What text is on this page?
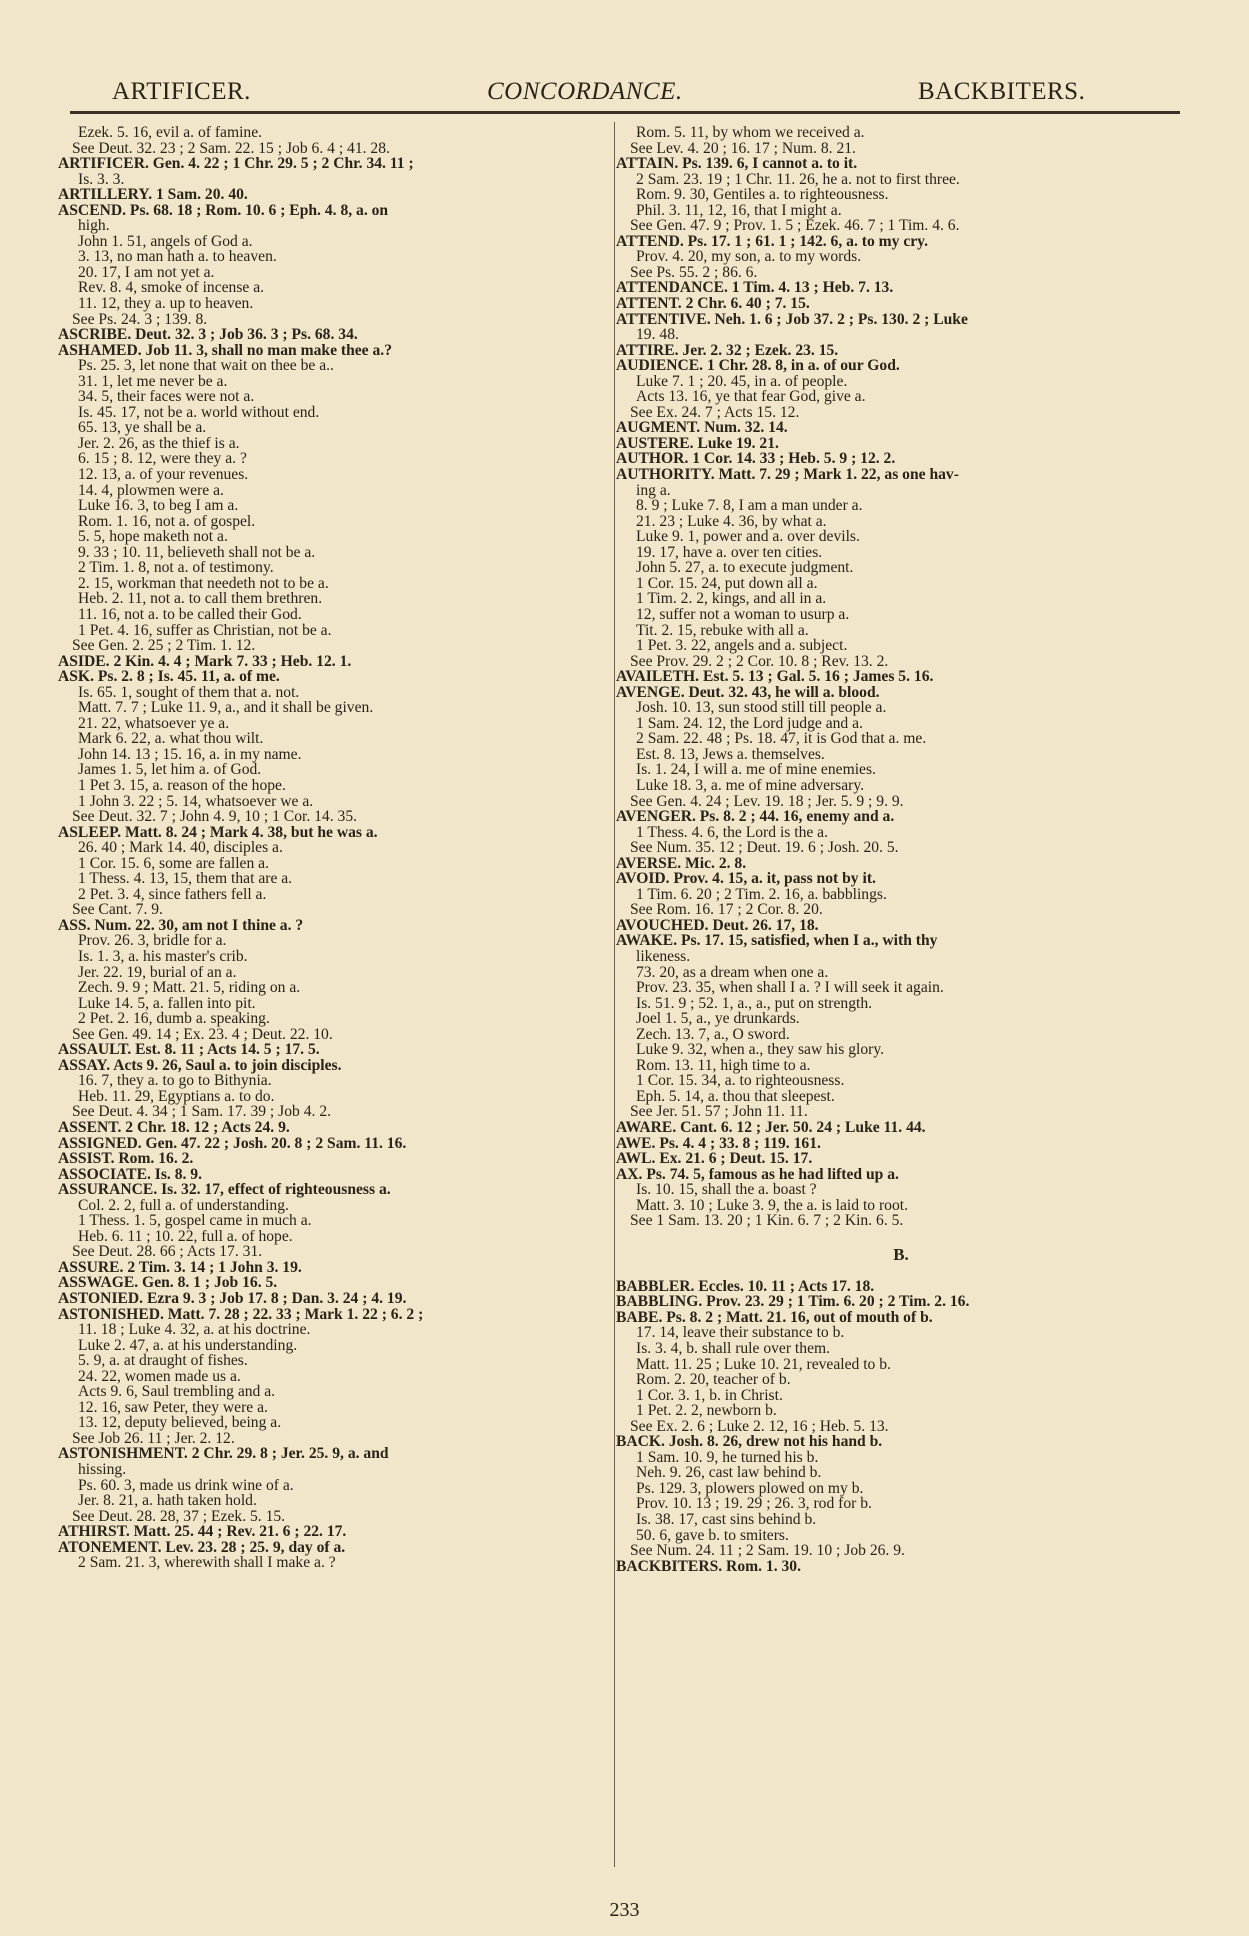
ARTIFICER.	CONCORDANCE.	BACKBITERS.
Ezek. 5. 16, evil a. of famine.
See Deut. 32. 23 ; 2 Sam. 22. 15 ; Job 6. 4 ; 41. 28.
ARTIFICER. Gen. 4. 22 ; 1 Chr. 29. 5 ; 2 Chr. 34. 11 ;
Is. 3. 3.
ARTILLERY. 1 Sam. 20. 40.
ASCEND. Ps. 68. 18 ; Rom. 10. 6 ; Eph. 4. 8, a. on
high.
John 1. 51, angels of God a.
3. 13, no man hath a. to heaven.
20. 17, I am not yet a.
Rev. 8. 4, smoke of incense a.
11. 12, they a. up to heaven.
See Ps. 24. 3 ; 139. 8.
ASCRIBE. Deut. 32. 3 ; Job 36. 3 ; Ps. 68. 34.
ASHAMED. Job 11. 3, shall no man make thee a.?
Ps. 25. 3, let none that wait on thee be a..
31. 1, let me never be a.
34. 5, their faces were not a.
Is. 45. 17, not be a. world without end.
65. 13, ye shall be a.
Jer. 2. 26, as the thief is a.
6. 15 ; 8. 12, were they a. ?
12. 13, a. of your revenues.
14. 4, plowmen were a.
Luke 16. 3, to beg I am a.
Rom. 1. 16, not a. of gospel.
5. 5, hope maketh not a.
9. 33 ; 10. 11, believeth shall not be a.
2 Tim. 1. 8, not a. of testimony.
2. 15, workman that needeth not to be a.
Heb. 2. 11, not a. to call them brethren.
11. 16, not a. to be called their God.
1 Pet. 4. 16, suffer as Christian, not be a.
See Gen. 2. 25 ; 2 Tim. 1. 12.
ASIDE. 2 Kin. 4. 4 ; Mark 7. 33 ; Heb. 12. 1.
ASK. Ps. 2. 8 ; Is. 45. 11, a. of me.
Is. 65. 1, sought of them that a. not.
Matt. 7. 7 ; Luke 11. 9, a., and it shall be given.
21. 22, whatsoever ye a.
Mark 6. 22, a. what thou wilt.
John 14. 13 ; 15. 16, a. in my name.
James 1. 5, let him a. of God.
1 Pet 3. 15, a. reason of the hope.
1 John 3. 22 ; 5. 14, whatsoever we a.
See Deut. 32. 7 ; John 4. 9, 10 ; 1 Cor. 14. 35.
ASLEEP. Matt. 8. 24 ; Mark 4. 38, but he was a.
26. 40 ; Mark 14. 40, disciples a.
1 Cor. 15. 6, some are fallen a.
1 Thess. 4. 13, 15, them that are a.
2 Pet. 3. 4, since fathers fell a.
See Cant. 7. 9.
ASS. Num. 22. 30, am not I thine a. ?
Prov. 26. 3, bridle for a.
Is. 1. 3, a. his master's crib.
Jer. 22. 19, burial of an a.
Zech. 9. 9 ; Matt. 21. 5, riding on a.
Luke 14. 5, a. fallen into pit.
2 Pet. 2. 16, dumb a. speaking.
See Gen. 49. 14 ; Ex. 23. 4 ; Deut. 22. 10.
ASSAULT. Est. 8. 11 ; Acts 14. 5 ; 17. 5.
ASSAY. Acts 9. 26, Saul a. to join disciples.
16. 7, they a. to go to Bithynia.
Heb. 11. 29, Egyptians a. to do.
See Deut. 4. 34 ; 1 Sam. 17. 39 ; Job 4. 2.
ASSENT. 2 Chr. 18. 12 ; Acts 24. 9.
ASSIGNED. Gen. 47. 22 ; Josh. 20. 8 ; 2 Sam. 11. 16.
ASSIST. Rom. 16. 2.
ASSOCIATE. Is. 8. 9.
ASSURANCE. Is. 32. 17, effect of righteousness a.
Col. 2. 2, full a. of understanding.
1 Thess. 1. 5, gospel came in much a.
Heb. 6. 11 ; 10. 22, full a. of hope.
See Deut. 28. 66 ; Acts 17. 31.
ASSURE. 2 Tim. 3. 14 ; 1 John 3. 19.
ASSWAGE. Gen. 8. 1 ; Job 16. 5.
ASTONIED. Ezra 9. 3 ; Job 17. 8 ; Dan. 3. 24 ; 4. 19.
ASTONISHED. Matt. 7. 28 ; 22. 33 ; Mark 1. 22 ; 6. 2 ;
11. 18 ; Luke 4. 32, a. at his doctrine.
Luke 2. 47, a. at his understanding.
5. 9, a. at draught of fishes.
24. 22, women made us a.
Acts 9. 6, Saul trembling and a.
12. 16, saw Peter, they were a.
13. 12, deputy believed, being a.
See Job 26. 11 ; Jer. 2. 12.
ASTONISHMENT. 2 Chr. 29. 8 ; Jer. 25. 9, a. and
hissing.
Ps. 60. 3, made us drink wine of a.
Jer. 8. 21, a. hath taken hold.
See Deut. 28. 28, 37 ; Ezek. 5. 15.
ATHIRST. Matt. 25. 44 ; Rev. 21. 6 ; 22. 17.
ATONEMENT. Lev. 23. 28 ; 25. 9, day of a.
2 Sam. 21. 3, wherewith shall I make a. ?
Rom. 5. 11, by whom we received a.
See Lev. 4. 20 ; 16. 17 ; Num. 8. 21.
ATTAIN. Ps. 139. 6, I cannot a. to it.
2 Sam. 23. 19 ; 1 Chr. 11. 26, he a. not to first three.
Rom. 9. 30, Gentiles a. to righteousness.
Phil. 3. 11, 12, 16, that I might a.
See Gen. 47. 9 ; Prov. 1. 5 ; Ezek. 46. 7 ; 1 Tim. 4. 6.
ATTEND. Ps. 17. 1 ; 61. 1 ; 142. 6, a. to my cry.
Prov. 4. 20, my son, a. to my words.
See Ps. 55. 2 ; 86. 6.
ATTENDANCE. 1 Tim. 4. 13 ; Heb. 7. 13.
ATTENT. 2 Chr. 6. 40 ; 7. 15.
ATTENTIVE. Neh. 1. 6 ; Job 37. 2 ; Ps. 130. 2 ; Luke
19. 48.
ATTIRE. Jer. 2. 32 ; Ezek. 23. 15.
AUDIENCE. 1 Chr. 28. 8, in a. of our God.
Luke 7. 1 ; 20. 45, in a. of people.
Acts 13. 16, ye that fear God, give a.
See Ex. 24. 7 ; Acts 15. 12.
AUGMENT. Num. 32. 14.
AUSTERE. Luke 19. 21.
AUTHOR. 1 Cor. 14. 33 ; Heb. 5. 9 ; 12. 2.
AUTHORITY. Matt. 7. 29 ; Mark 1. 22, as one hav-
ing a.
8. 9 ; Luke 7. 8, I am a man under a.
21. 23 ; Luke 4. 36, by what a.
Luke 9. 1, power and a. over devils.
19. 17, have a. over ten cities.
John 5. 27, a. to execute judgment.
1 Cor. 15. 24, put down all a.
1 Tim. 2. 2, kings, and all in a.
12, suffer not a woman to usurp a.
Tit. 2. 15, rebuke with all a.
1 Pet. 3. 22, angels and a. subject.
See Prov. 29. 2 ; 2 Cor. 10. 8 ; Rev. 13. 2.
AVAILETH. Est. 5. 13 ; Gal. 5. 16 ; James 5. 16.
AVENGE. Deut. 32. 43, he will a. blood.
Josh. 10. 13, sun stood still till people a.
1 Sam. 24. 12, the Lord judge and a.
2 Sam. 22. 48 ; Ps. 18. 47, it is God that a. me.
Est. 8. 13, Jews a. themselves.
Is. 1. 24, I will a. me of mine enemies.
Luke 18. 3, a. me of mine adversary.
See Gen. 4. 24 ; Lev. 19. 18 ; Jer. 5. 9 ; 9. 9.
AVENGER. Ps. 8. 2 ; 44. 16, enemy and a.
1 Thess. 4. 6, the Lord is the a.
See Num. 35. 12 ; Deut. 19. 6 ; Josh. 20. 5.
AVERSE. Mic. 2. 8.
AVOID. Prov. 4. 15, a. it, pass not by it.
1 Tim. 6. 20 ; 2 Tim. 2. 16, a. babblings.
See Rom. 16. 17 ; 2 Cor. 8. 20.
AVOUCHED. Deut. 26. 17, 18.
AWAKE. Ps. 17. 15, satisfied, when I a., with thy
likeness.
73. 20, as a dream when one a.
Prov. 23. 35, when shall I a. ? I will seek it again.
Is. 51. 9 ; 52. 1, a., a., put on strength.
Joel 1. 5, a., ye drunkards.
Zech. 13. 7, a., O sword.
Luke 9. 32, when a., they saw his glory.
Rom. 13. 11, high time to a.
1 Cor. 15. 34, a. to righteousness.
Eph. 5. 14, a. thou that sleepest.
See Jer. 51. 57 ; John 11. 11.
AWARE. Cant. 6. 12 ; Jer. 50. 24 ; Luke 11. 44.
AWE. Ps. 4. 4 ; 33. 8 ; 119. 161.
AWL. Ex. 21. 6 ; Deut. 15. 17.
AX. Ps. 74. 5, famous as he had lifted up a.
Is. 10. 15, shall the a. boast ?
Matt. 3. 10 ; Luke 3. 9, the a. is laid to root.
See 1 Sam. 13. 20 ; 1 Kin. 6. 7 ; 2 Kin. 6. 5.
B.
BABBLER. Eccles. 10. 11 ; Acts 17. 18.
BABBLING. Prov. 23. 29 ; 1 Tim. 6. 20 ; 2 Tim. 2. 16.
BABE. Ps. 8. 2 ; Matt. 21. 16, out of mouth of b.
17. 14, leave their substance to b.
Is. 3. 4, b. shall rule over them.
Matt. 11. 25 ; Luke 10. 21, revealed to b.
Rom. 2. 20, teacher of b.
1 Cor. 3. 1, b. in Christ.
1 Pet. 2. 2, newborn b.
See Ex. 2. 6 ; Luke 2. 12, 16 ; Heb. 5. 13.
BACK. Josh. 8. 26, drew not his hand b.
1 Sam. 10. 9, he turned his b.
Neh. 9. 26, cast law behind b.
Ps. 129. 3, plowers plowed on my b.
Prov. 10. 13 ; 19. 29 ; 26. 3, rod for b.
Is. 38. 17, cast sins behind b.
50. 6, gave b. to smiters.
See Num. 24. 11 ; 2 Sam. 19. 10 ; Job 26. 9.
BACKBITERS. Rom. 1. 30.
233
